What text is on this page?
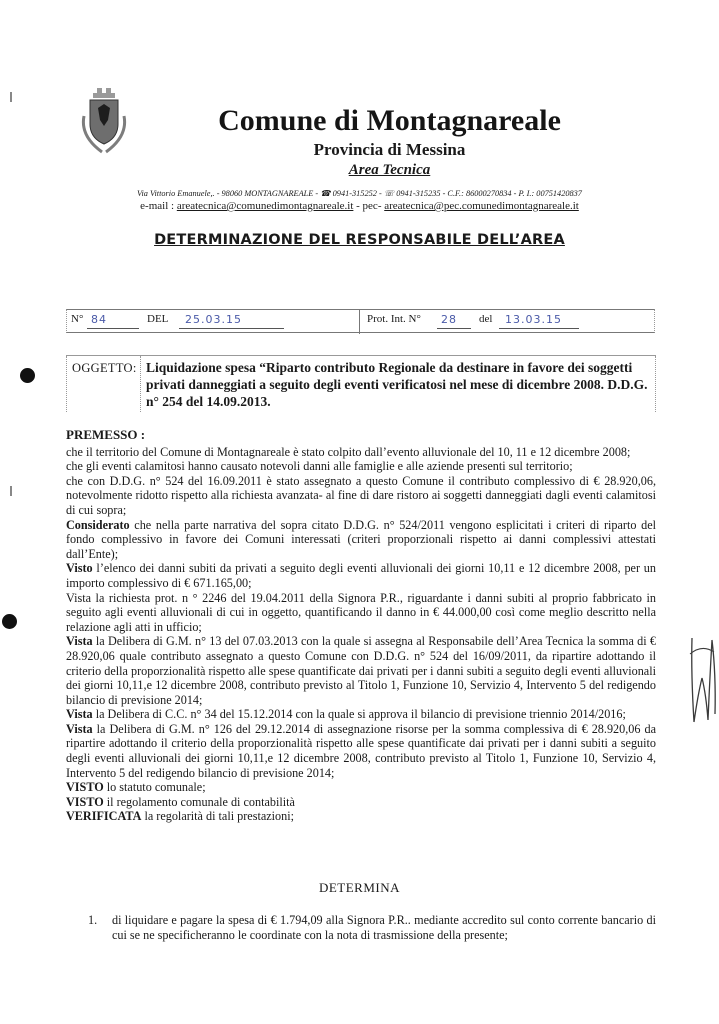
Comune di Montagnareale
Provincia di Messina
Area Tecnica
Via Vittorio Emanuele,. - 98060 MONTAGNAREALE - ☎ 0941-315252 - ☏ 0941-315235 - C.F.: 86000270834 - P. I.: 00751420837
e-mail : areatecnica@comunedimontagnareale.it - pec- areatecnica@pec.comunedimontagnareale.it
DETERMINAZIONE DEL RESPONSABILE DELL’AREA
N° 84	DEL 25.03.15	Prot. Int. N° 28 del 13.03.15
OGGETTO: Liquidazione spesa “Riparto contributo Regionale da destinare in favore dei soggetti privati danneggiati a seguito degli eventi verificatosi nel mese di dicembre 2008. D.D.G. n° 254 del 14.09.2013.
PREMESSO :

che il territorio del Comune di Montagnareale è stato colpito dall’evento alluvionale del 10, 11 e 12 dicembre 2008;

che gli eventi calamitosi hanno causato notevoli danni alle famiglie e alle aziende presenti sul territorio;

che con D.D.G. n° 524 del 16.09.2011 è stato assegnato a questo Comune il contributo complessivo di € 28.920,06, notevolmente ridotto rispetto alla richiesta avanzata- al fine di dare ristoro ai soggetti danneggiati dagli eventi calamitosi di cui sopra;

Considerato che nella parte narrativa del sopra citato D.D.G. n° 524/2011 vengono esplicitati i criteri di riparto del fondo complessivo in favore dei Comuni interessati (criteri proporzionali rispetto ai danni complessivi attestati dall’Ente);

Visto l’elenco dei danni subiti da privati a seguito degli eventi alluvionali dei giorni 10,11 e 12 dicembre 2008, per un importo complessivo di € 671.165,00;

Vista la richiesta prot. n ° 2246 del 19.04.2011 della Signora P.R., riguardante i danni subiti al proprio fabbricato in seguito agli eventi alluvionali di cui in oggetto, quantificando il danno in € 44.000,00 così come meglio descritto nella relazione agli atti in ufficio;

Vista la Delibera di G.M. n° 13 del 07.03.2013 con la quale si assegna al Responsabile dell’Area Tecnica la somma di € 28.920,06 quale contributo assegnato a questo Comune con D.D.G. n° 524 del 16/09/2011, da ripartire adottando il criterio della proporzionalità rispetto alle spese quantificate dai privati per i danni subiti a seguito degli eventi alluvionali dei giorni 10,11,e 12 dicembre 2008, contributo previsto al Titolo 1, Funzione 10, Servizio 4, Intervento 5 del redigendo bilancio di previsione 2014;

Vista la Delibera di C.C. n° 34 del 15.12.2014 con la quale si approva il bilancio di previsione triennio 2014/2016;

Vista la Delibera di G.M. n° 126 del 29.12.2014 di assegnazione risorse per la somma complessiva di € 28.920,06 da ripartire adottando il criterio della proporzionalità rispetto alle spese quantificate dai privati per i danni subiti a seguito degli eventi alluvionali dei giorni 10,11,e 12 dicembre 2008, contributo previsto al Titolo 1, Funzione 10, Servizio 4, Intervento 5 del redigendo bilancio di previsione 2014;

VISTO lo statuto comunale;

VISTO il regolamento comunale di contabilità

VERIFICATA la regolarità di tali prestazioni;

DETERMINA
1. di liquidare e pagare la spesa di € 1.794,09 alla Signora P.R.. mediante accredito sul conto corrente bancario di cui se ne specificheranno le coordinate con la nota di trasmissione della presente;
